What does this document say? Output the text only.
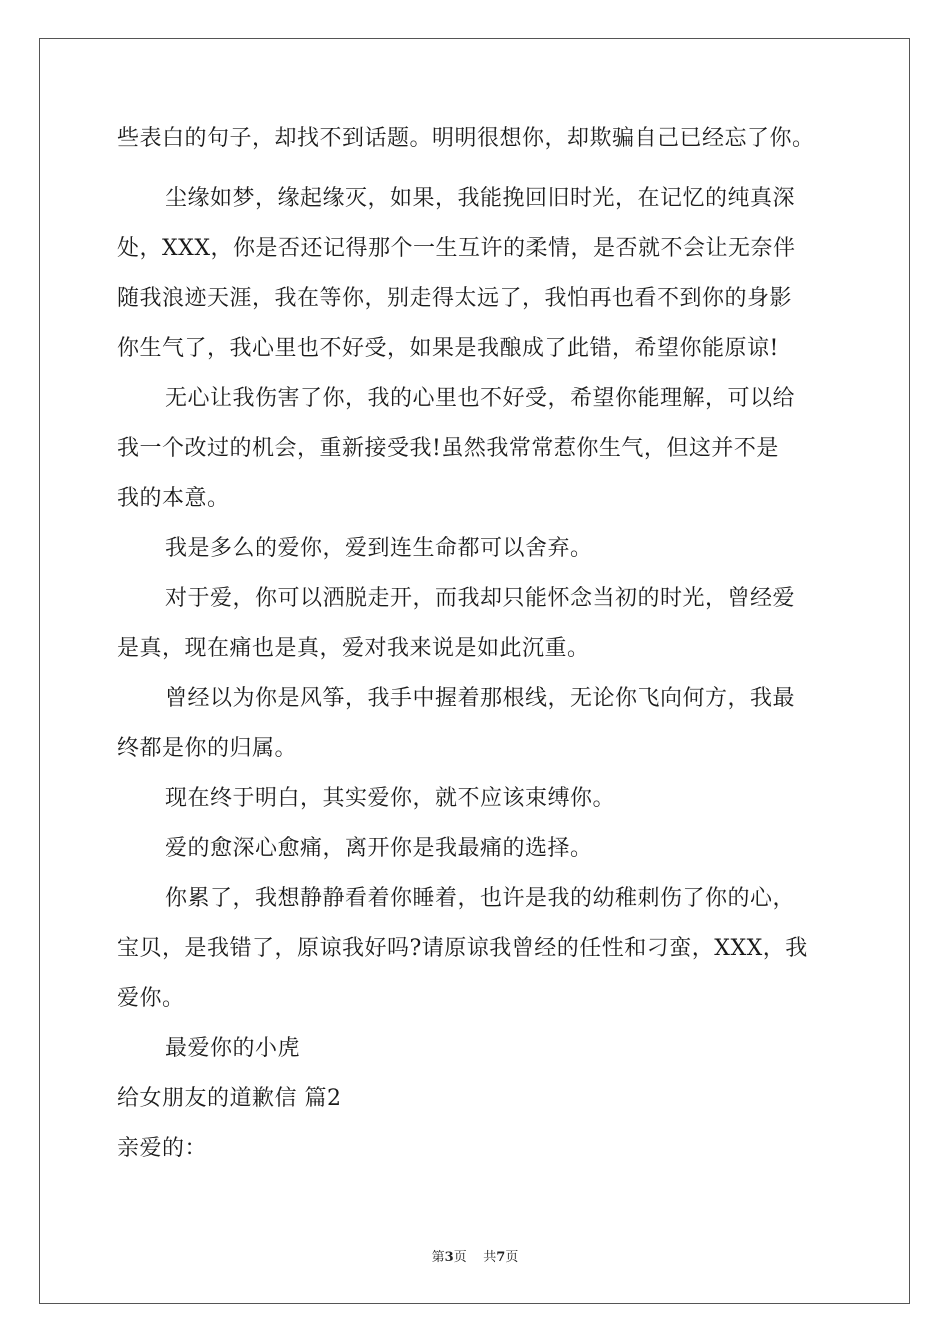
些表白的句子，却找不到话题。明明很想你，却欺骗自己已经忘了你。
尘缘如梦，缘起缘灭，如果，我能挽回旧时光，在记忆的纯真深
处，XXX，你是否还记得那个一生互许的柔情，是否就不会让无奈伴
随我浪迹天涯，我在等你，别走得太远了，我怕再也看不到你的身影
你生气了，我心里也不好受，如果是我酿成了此错，希望你能原谅!
无心让我伤害了你，我的心里也不好受，希望你能理解，可以给
我一个改过的机会，重新接受我!虽然我常常惹你生气，但这并不是
我的本意。
我是多么的爱你，爱到连生命都可以舍弃。
对于爱，你可以洒脱走开，而我却只能怀念当初的时光，曾经爱
是真，现在痛也是真，爱对我来说是如此沉重。
曾经以为你是风筝，我手中握着那根线，无论你飞向何方，我最
终都是你的归属。
现在终于明白，其实爱你，就不应该束缚你。
爱的愈深心愈痛，离开你是我最痛的选择。
你累了，我想静静看着你睡着，也许是我的幼稚刺伤了你的心，
宝贝，是我错了，原谅我好吗?请原谅我曾经的任性和刁蛮，XXX，我
爱你。
最爱你的小虎
给女朋友的道歉信 篇2
亲爱的：
第3页 共7页
